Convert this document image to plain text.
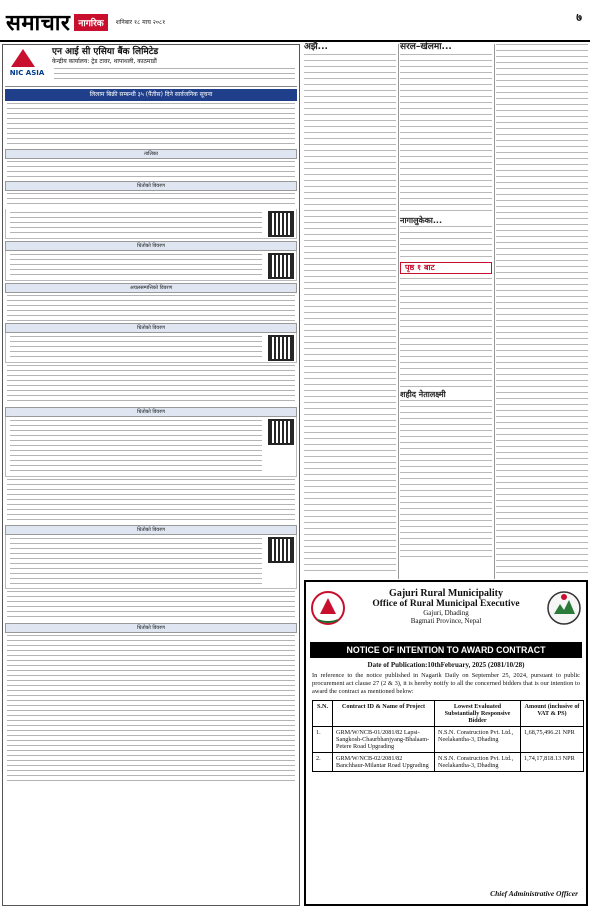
समाचार नागरिक	शनिबार १८ माघ २०८१	७
NIC ASIA
एन आई सी एसिया बैंक लिमिटेड
केन्द्रीय कार्यालय: ट्रेड टावर, थापाथली, काठमाडौं
लिलाम बिक्री सम्बन्धी ३५ (पैंतीस) दिने सार्वजनिक सूचना
तालिका
धितोको विवरण
धितोको विवरण
अचलसम्पत्तिको विवरण
धितोको विवरण
धितोको विवरण
धितोको विवरण
धितोको विवरण
अझै...	सरल–खेलमा...
नागालुकेका...
पृष्ठ १ बाट
शहीद नेतालक्ष्मी
Gajuri Rural Municipality
Office of Rural Municipal Executive
Gajuri, Dhading
Bagmati Province, Nepal
NOTICE OF INTENTION TO AWARD CONTRACT
Date of Publication:10thFebruary, 2025 (2081/10/28)
In reference to the notice published in Nagarik Daily on September 25, 2024, pursuant to public procurement act clause 27 (2 & 3), it is hereby notify to all the concerned bidders that is our intention to award the contract as mentioned below:
S.N.	Contract ID & Name of Project	Lowest Evaluated Substantially Responsive Bidder	Amount (inclusive of VAT & PS)
1.	GRM/W/NCB-01/2081/82 Lapsi-Sangkosh-Chaurbhanjyang-Bhalaam-Petere Road Upgrading	N.S.N. Construction Pvt. Ltd., Neelakantha-3, Dhading	1,68,75,496.21 NPR
2.	GRM/W/NCB-02/2081/82 Banchhaur-Milantar Road Upgrading	N.S.N. Construction Pvt. Ltd., Neelakantha-3, Dhading	1,74,17,818.13 NPR
Chief Administrative Officer
